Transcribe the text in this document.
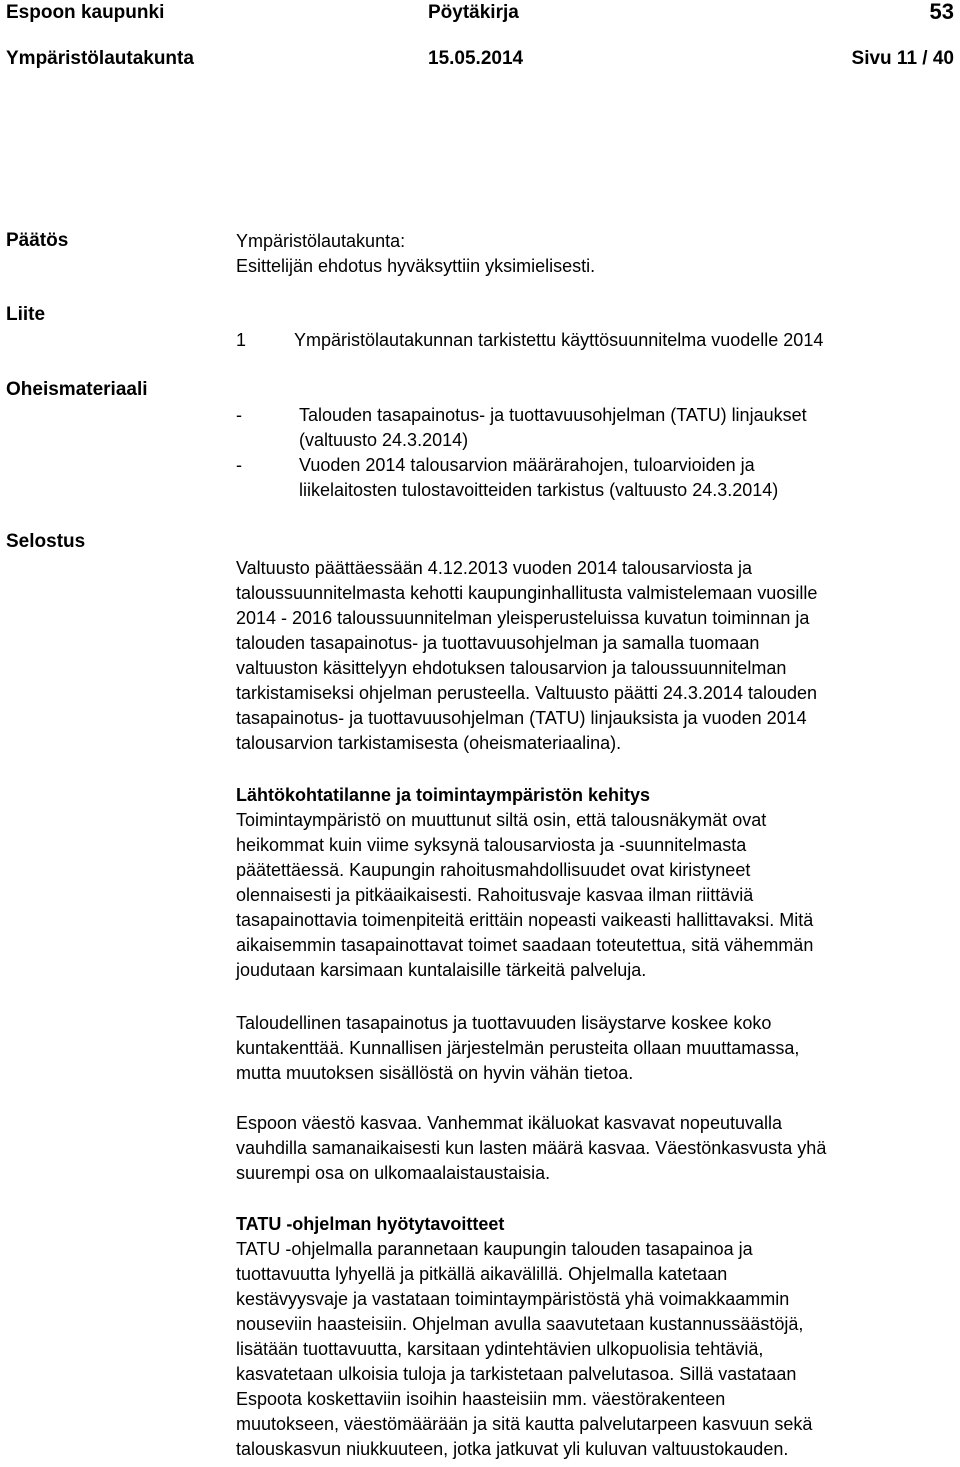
Espoon kaupunki	Pöytäkirja	53
Ympäristölautakunta	15.05.2014	Sivu 11 / 40
Päätös	Ympäristölautakunta:

Esittelijän ehdotus hyväksyttiin yksimielisesti.

Liite

1	Ympäristölautakunnan tarkistettu käyttösuunnitelma vuodelle 2014

Oheismateriaali

-	Talouden tasapainotus- ja tuottavuusohjelman (TATU) linjaukset
(valtuusto 24.3.2014)

-	Vuoden 2014 talousarvion määrärahojen, tuloarvioiden ja
liikelaitosten tulostavoitteiden tarkistus (valtuusto 24.3.2014)

Selostus

Valtuusto päättäessään 4.12.2013 vuoden 2014 talousarviosta ja

taloussuunnitelmasta kehotti kaupunginhallitusta valmistelemaan vuosille

2014 - 2016 taloussuunnitelman yleisperusteluissa kuvatun toiminnan ja

talouden tasapainotus- ja tuottavuusohjelman ja samalla tuomaan

valtuuston käsittelyyn ehdotuksen talousarvion ja taloussuunnitelman

tarkistamiseksi ohjelman perusteella. Valtuusto päätti 24.3.2014 talouden

tasapainotus- ja tuottavuusohjelman (TATU) linjauksista ja vuoden 2014

talousarvion tarkistamisesta (oheismateriaalina).

Lähtökohtatilanne ja toimintaympäristön kehitys

Toimintaympäristö on muuttunut siltä osin, että talousnäkymät ovat

heikommat kuin viime syksynä talousarviosta ja -suunnitelmasta

päätettäessä. Kaupungin rahoitusmahdollisuudet ovat kiristyneet

olennaisesti ja pitkäaikaisesti. Rahoitusvaje kasvaa ilman riittäviä

tasapainottavia toimenpiteitä erittäin nopeasti vaikeasti hallittavaksi. Mitä

aikaisemmin tasapainottavat toimet saadaan toteutettua, sitä vähemmän

joudutaan karsimaan kuntalaisille tärkeitä palveluja.

Taloudellinen tasapainotus ja tuottavuuden lisäystarve koskee koko

kuntakenttää. Kunnallisen järjestelmän perusteita ollaan muuttamassa,

mutta muutoksen sisällöstä on hyvin vähän tietoa.

Espoon väestö kasvaa. Vanhemmat ikäluokat kasvavat nopeutuvalla

vauhdilla samanaikaisesti kun lasten määrä kasvaa. Väestönkasvusta yhä

suurempi osa on ulkomaalaistaustaisia.

TATU -ohjelman hyötytavoitteet

TATU -ohjelmalla parannetaan kaupungin talouden tasapainoa ja

tuottavuutta lyhyellä ja pitkällä aikavälillä. Ohjelmalla katetaan

kestävyysvaje ja vastataan toimintaympäristöstä yhä voimakkaammin

nouseviin haasteisiin. Ohjelman avulla saavutetaan kustannussäästöjä,

lisätään tuottavuutta, karsitaan ydintehtävien ulkopuolisia tehtäviä,

kasvatetaan ulkoisia tuloja ja tarkistetaan palvelutasoa. Sillä vastataan

Espoota koskettaviin isoihin haasteisiin mm. väestörakenteen

muutokseen, väestömäärään ja sitä kautta palvelutarpeen kasvuun sekä

talouskasvun niukkuuteen, jotka jatkuvat yli kuluvan valtuustokauden.
